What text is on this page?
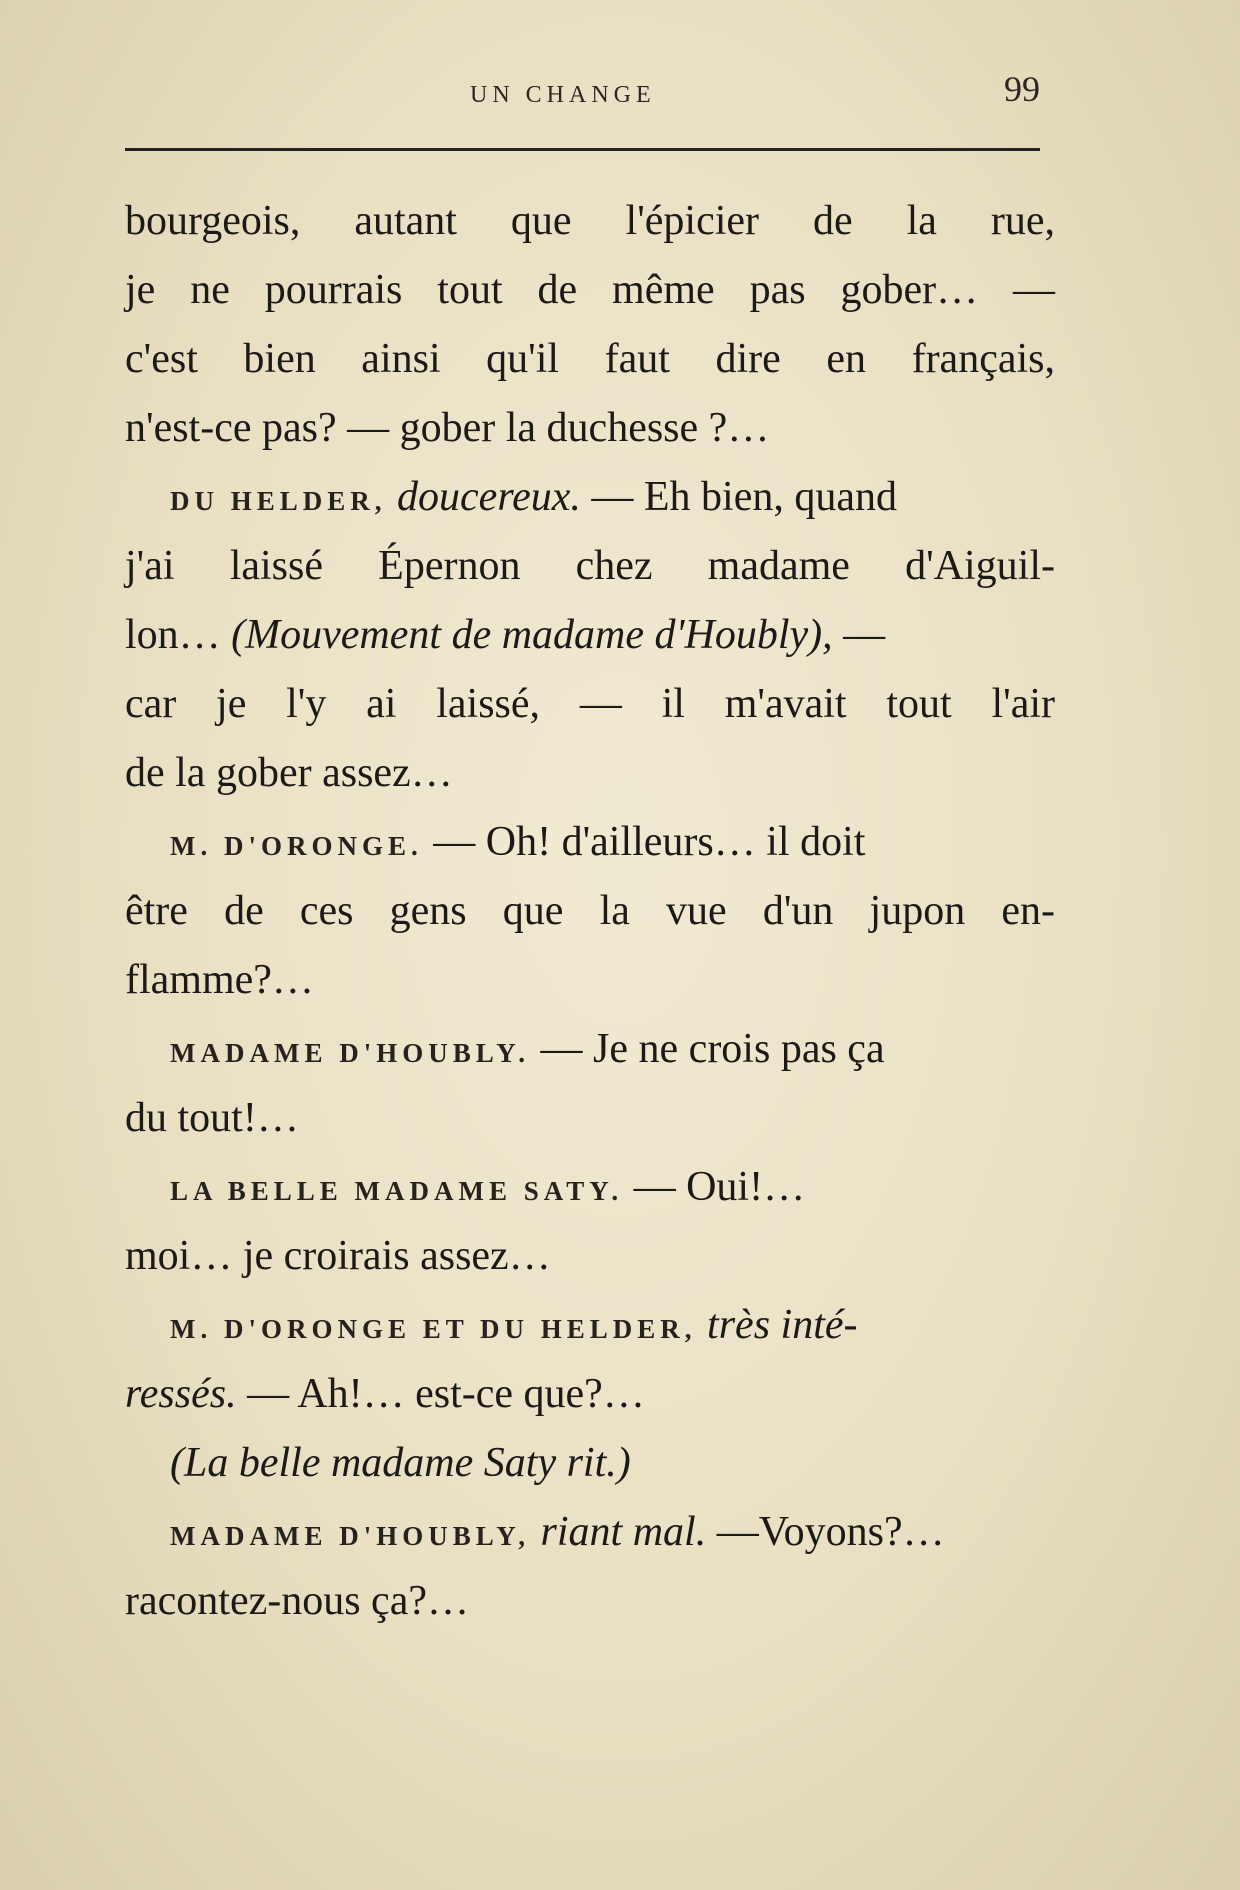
UN CHANGE	99
bourgeois, autant que l'épicier de la rue,
je ne pourrais tout de même pas gober… —
c'est bien ainsi qu'il faut dire en français,
n'est-ce pas? — gober la duchesse ?…
DU HELDER, doucereux. — Eh bien, quand
j'ai laissé Épernon chez madame d'Aiguil-
lon… (Mouvement de madame d'Houbly), —
car je l'y ai laissé, — il m'avait tout l'air
de la gober assez…
M. D'ORONGE. — Oh! d'ailleurs… il doit
être de ces gens que la vue d'un jupon en-
flamme?…
MADAME D'HOUBLY. — Je ne crois pas ça
du tout!…
LA BELLE MADAME SATY. — Oui!…
moi… je croirais assez…
M. D'ORONGE ET DU HELDER, très inté-
ressés. — Ah!… est-ce que?…
(La belle madame Saty rit.)
MADAME D'HOUBLY, riant mal. —Voyons?…
racontez-nous ça?…
